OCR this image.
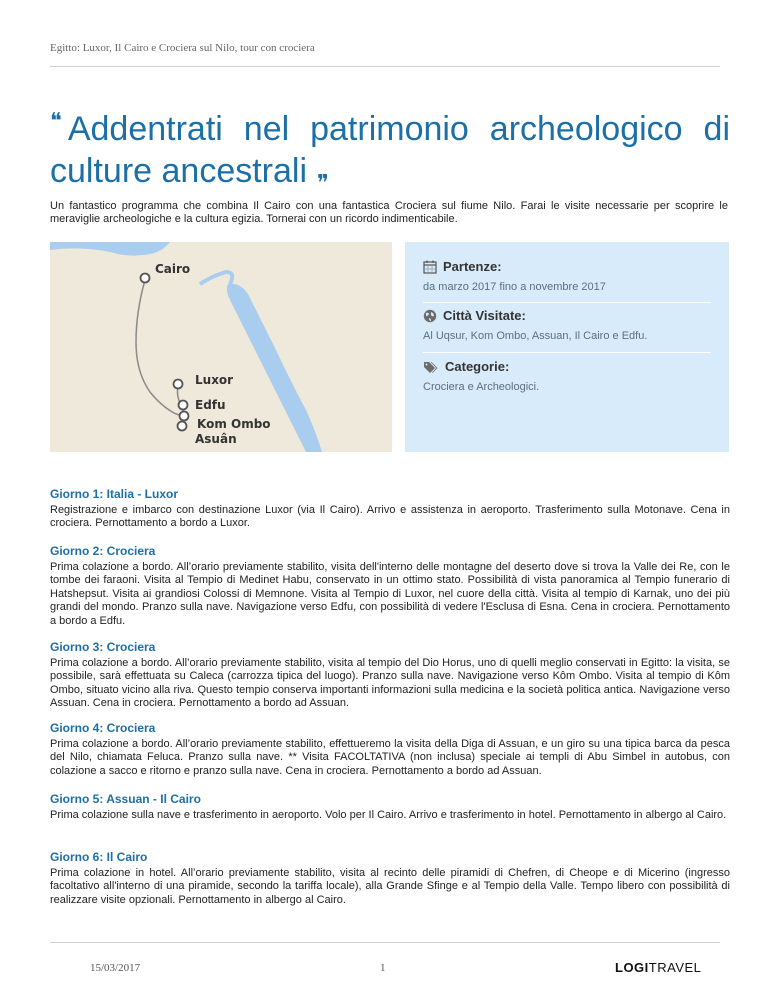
Egitto: Luxor, Il Cairo e Crociera sul Nilo, tour con crociera
❝ Addentrati nel patrimonio archeologico di
culture ancestrali $_❞$
Un fantastico programma che combina Il Cairo con una fantastica Crociera sul fiume Nilo. Farai le visite necessarie per scoprire le meraviglie archeologiche e la cultura egizia. Tornerai con un ricordo indimenticabile.
Cairo
Luxor
Edfu
Kom Ombo
Asuân
Partenze:
da marzo 2017 fino a novembre 2017
Città Visitate:
Al Uqsur, Kom Ombo, Assuan, Il Cairo e Edfu.
Categorie:
Crociera e Archeologici.
Giorno 1: Italia - Luxor
Registrazione e imbarco con destinazione Luxor (via Il Cairo). Arrivo e assistenza in aeroporto. Trasferimento sulla Motonave. Cena in crociera. Pernottamento a bordo a Luxor.
Giorno 2: Crociera
Prima colazione a bordo. All’orario previamente stabilito, visita dell'interno delle montagne del deserto dove si trova la Valle dei Re, con le tombe dei faraoni. Visita al Tempio di Medinet Habu, conservato in un ottimo stato. Possibilità di vista panoramica al Tempio funerario di Hatshepsut. Visita ai grandiosi Colossi di Memnone. Visita al Tempio di Luxor, nel cuore della città. Visita al tempio di Karnak, uno dei più grandi del mondo. Pranzo sulla nave. Navigazione verso Edfu, con possibilità di vedere l'Esclusa di Esna. Cena in crociera. Pernottamento a bordo a Edfu.
Giorno 3: Crociera
Prima colazione a bordo. All’orario previamente stabilito, visita al tempio del Dio Horus, uno di quelli meglio conservati in Egitto: la visita, se possibile, sarà effettuata su Caleca (carrozza tipica del luogo). Pranzo sulla nave. Navigazione verso Kôm Ombo. Visita al tempio di Kôm Ombo, situato vicino alla riva. Questo tempio conserva importanti informazioni sulla medicina e la società politica antica. Navigazione verso Assuan. Cena in crociera. Pernottamento a bordo ad Assuan.
Giorno 4: Crociera
Prima colazione a bordo. All’orario previamente stabilito, effettueremo la visita della Diga di Assuan, e un giro su una tipica barca da pesca del Nilo, chiamata Feluca. Pranzo sulla nave. ** Visita FACOLTATIVA (non inclusa) speciale ai templi di Abu Simbel in autobus, con colazione a sacco e ritorno e pranzo sulla nave. Cena in crociera. Pernottamento a bordo ad Assuan.
Giorno 5: Assuan - Il Cairo
Prima colazione sulla nave e trasferimento in aeroporto. Volo per Il Cairo. Arrivo e trasferimento in hotel. Pernottamento in albergo al Cairo.
Giorno 6: Il Cairo
Prima colazione in hotel. All’orario previamente stabilito, visita al recinto delle piramidi di Chefren, di Cheope e di Micerino (ingresso facoltativo all'interno di una piramide, secondo la tariffa locale), alla Grande Sfinge e al Tempio della Valle. Tempo libero con possibilità di realizzare visite opzionali. Pernottamento in albergo al Cairo.
15/03/2017	1	LOGITRAVEL
